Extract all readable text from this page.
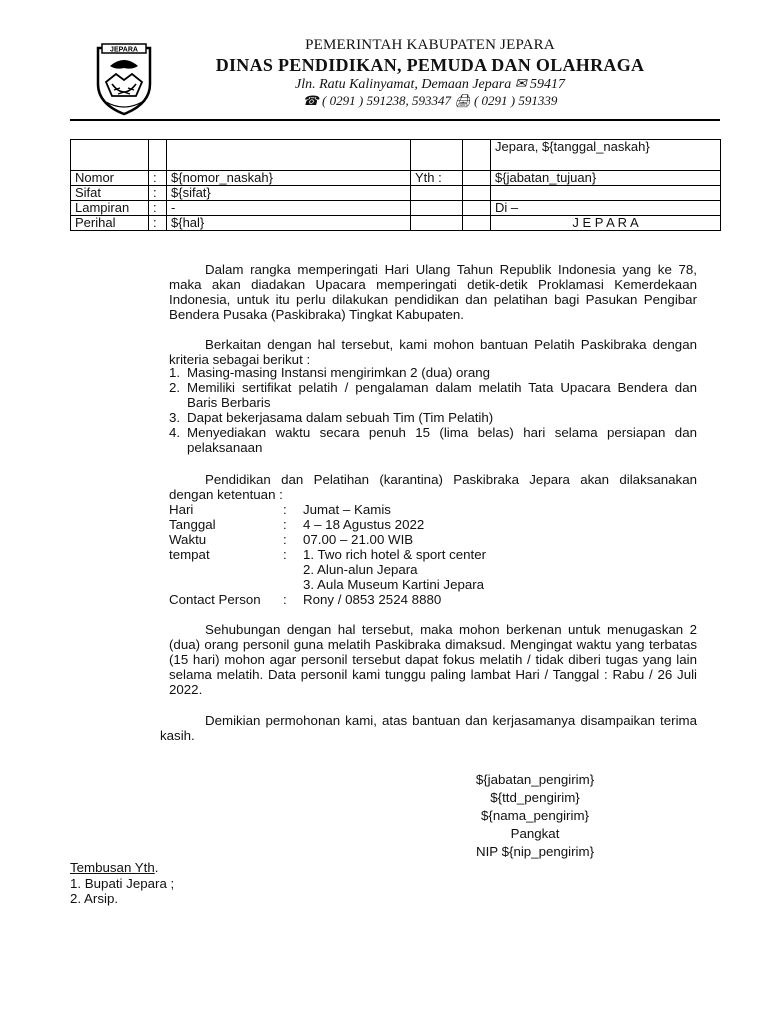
JEPARA	PEMERINTAH KABUPATEN JEPARA
DINAS PENDIDIKAN, PEMUDA DAN OLAHRAGA
Jln. Ratu Kalinyamat, Demaan Jepara ✉ 59417
☎ ( 0291 ) 591238, 593347 🖨 ( 0291 ) 591339
					Jepara, ${tanggal_naskah}
Nomor	:	${nomor_naskah}	Yth :		${jabatan_tujuan}
Sifat	:	${sifat}			
Lampiran	:	-			Di –
Perihal	:	${hal}			J E P A R A
Dalam rangka memperingati Hari Ulang Tahun Republik Indonesia yang ke 78, maka akan diadakan Upacara memperingati detik-detik Proklamasi Kemerdekaan Indonesia, untuk itu perlu dilakukan pendidikan dan pelatihan bagi Pasukan Pengibar Bendera Pusaka (Paskibraka) Tingkat Kabupaten.
Berkaitan dengan hal tersebut, kami mohon bantuan Pelatih Paskibraka dengan kriteria sebagai berikut :
1. Masing-masing Instansi mengirimkan 2 (dua) orang
2. Memiliki sertifikat pelatih / pengalaman dalam melatih Tata Upacara Bendera dan Baris Berbaris
3. Dapat bekerjasama dalam sebuah Tim (Tim Pelatih)
4. Menyediakan waktu secara penuh 15 (lima belas) hari selama persiapan dan pelaksanaan
Pendidikan dan Pelatihan (karantina) Paskibraka Jepara akan dilaksanakan dengan ketentuan :
Hari	: Jumat – Kamis
Tanggal	: 4 – 18 Agustus 2022
Waktu	: 07.00 – 21.00 WIB
tempat	: 1. Two rich hotel & sport center
2. Alun-alun Jepara
3. Aula Museum Kartini Jepara
Contact Person : Rony / 0853 2524 8880
Sehubungan dengan hal tersebut, maka mohon berkenan untuk menugaskan 2 (dua) orang personil guna melatih Paskibraka dimaksud. Mengingat waktu yang terbatas (15 hari) mohon agar personil tersebut dapat fokus melatih / tidak diberi tugas yang lain selama melatih. Data personil kami tunggu paling lambat Hari / Tanggal : Rabu / 26 Juli 2022.
Demikian permohonan kami, atas bantuan dan kerjasamanya disampaikan terima kasih.
${jabatan_pengirim}
${ttd_pengirim}
${nama_pengirim}
Pangkat
NIP ${nip_pengirim}
Tembusan Yth.
1. Bupati Jepara ;
2. Arsip.
